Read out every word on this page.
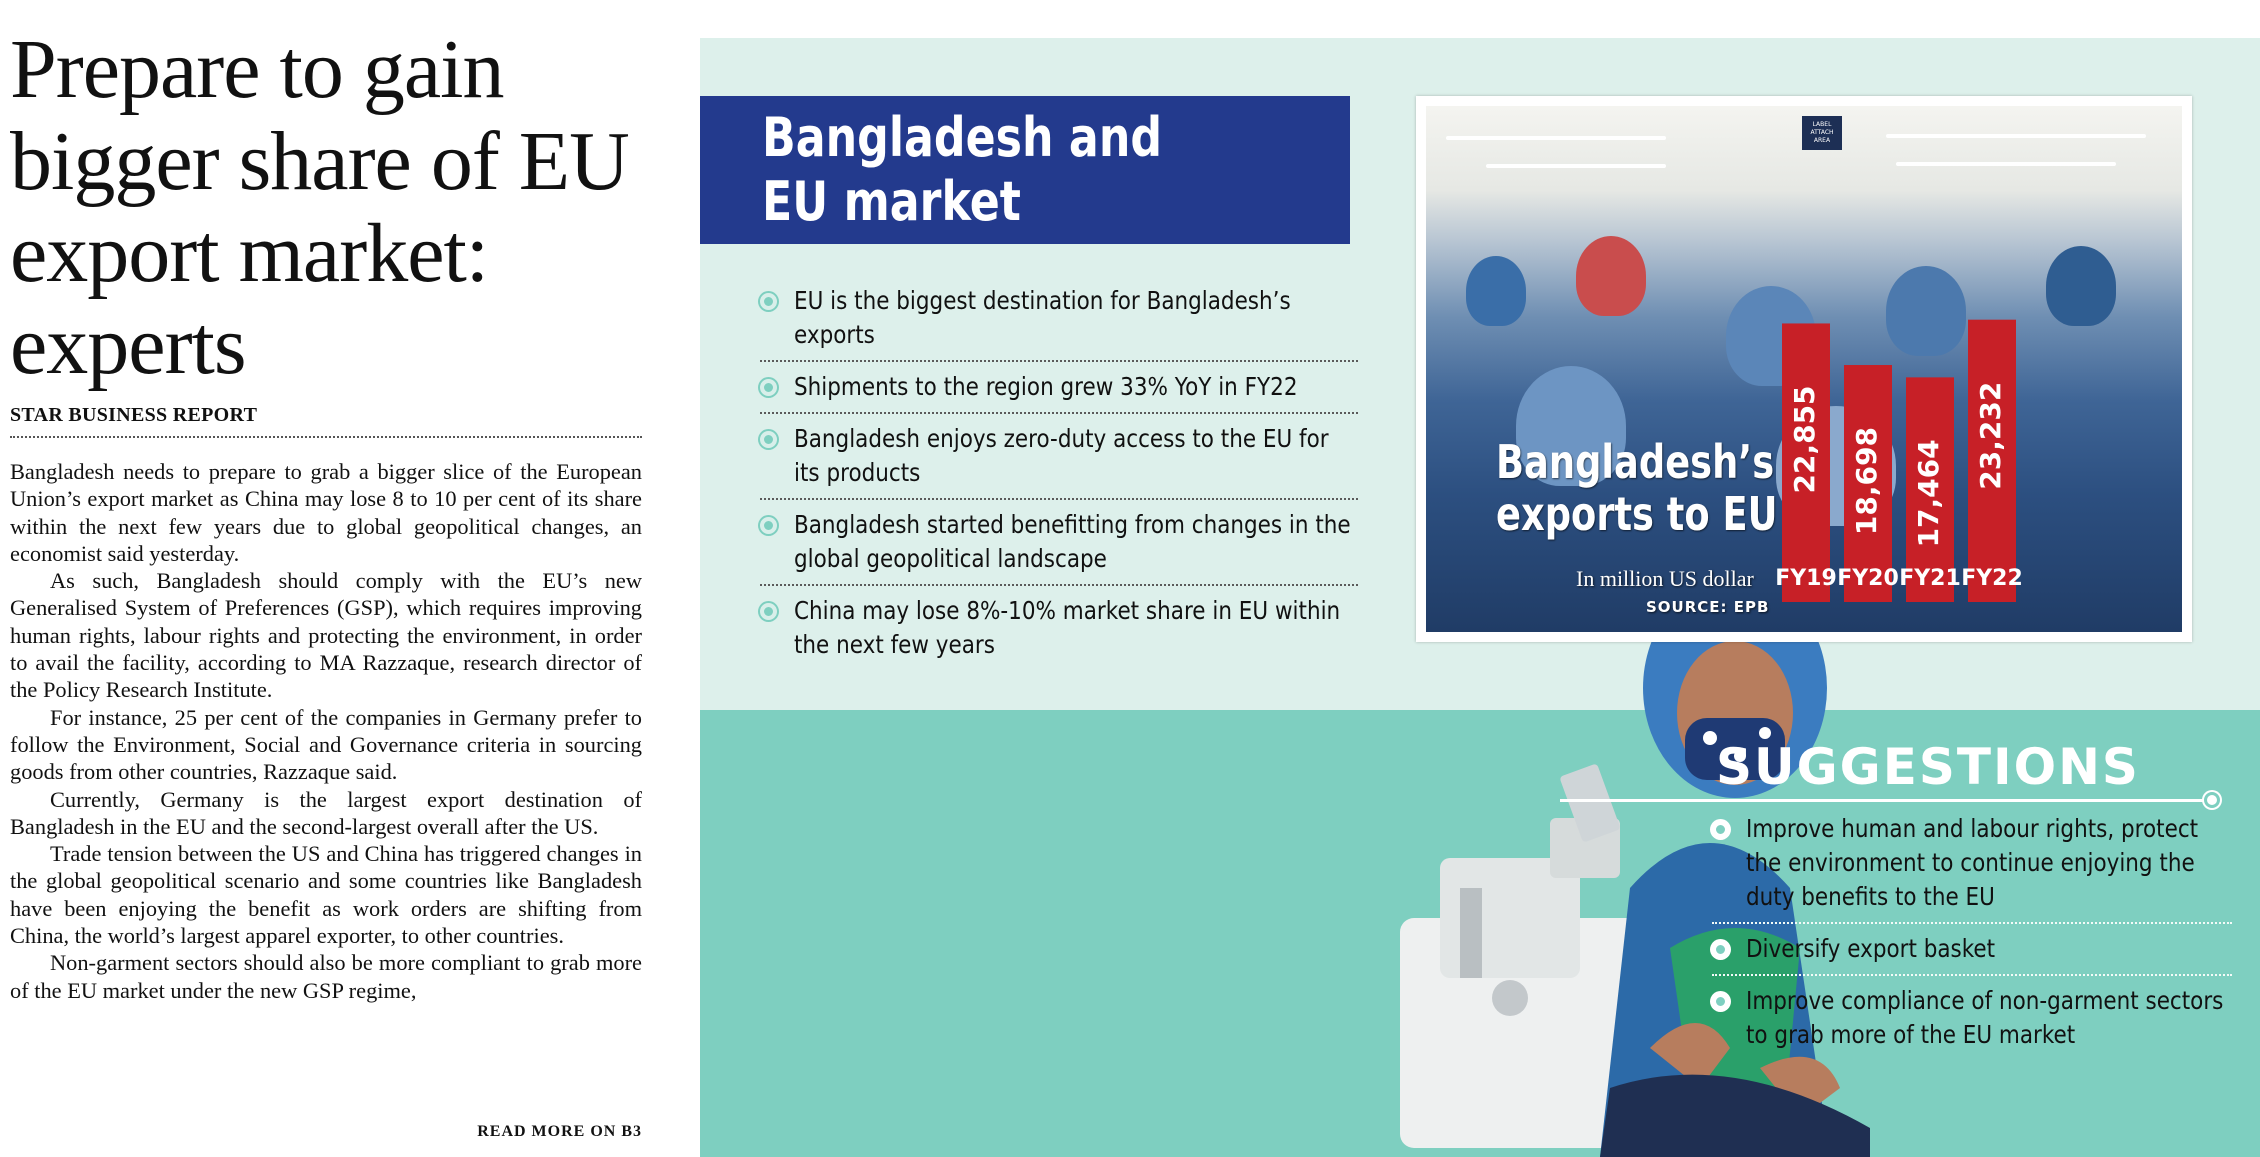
Prepare to gain bigger share of EU export market: experts
STAR BUSINESS REPORT

Bangladesh needs to prepare to grab a bigger slice of the European Union’s export market as China may lose 8 to 10 per cent of its share within the next few years due to global geopolitical changes, an economist said yesterday.

As such, Bangladesh should comply with the EU’s new Generalised System of Preferences (GSP), which requires improving human rights, labour rights and protecting the environment, in order to avail the facility, according to MA Razzaque, research director of the Policy Research Institute.

For instance, 25 per cent of the companies in Germany prefer to follow the Environment, Social and Governance criteria in sourcing goods from other countries, Razzaque said.

Currently, Germany is the largest export destination of Bangladesh in the EU and the second-largest overall after the US.

Trade tension between the US and China has triggered changes in the global geopolitical scenario and some countries like Bangladesh have been enjoying the benefit as work orders are shifting from China, the world’s largest apparel exporter, to other countries.

Non-garment sectors should also be more compliant to grab more of the EU market under the new GSP regime,

READ MORE ON B3
Bangladesh and EU market
EU is the biggest destination for Bangladesh’s exports
Shipments to the region grew 33% YoY in FY22
Bangladesh enjoys zero-duty access to the EU for its products
Bangladesh started benefitting from changes in the global geopolitical landscape
China may lose 8%-10% market share in EU within the next few years
LABEL ATTACH AREA
Bangladesh’s exports to EU
In million US dollar
SOURCE: EPB
22,855
FY19
18,698
FY20
17,464
FY21
23,232
FY22
SUGGESTIONS
Improve human and labour rights, protect the environment to continue enjoying the duty benefits to the EU
Diversify export basket
Improve compliance of non-garment sectors to grab more of the EU market
